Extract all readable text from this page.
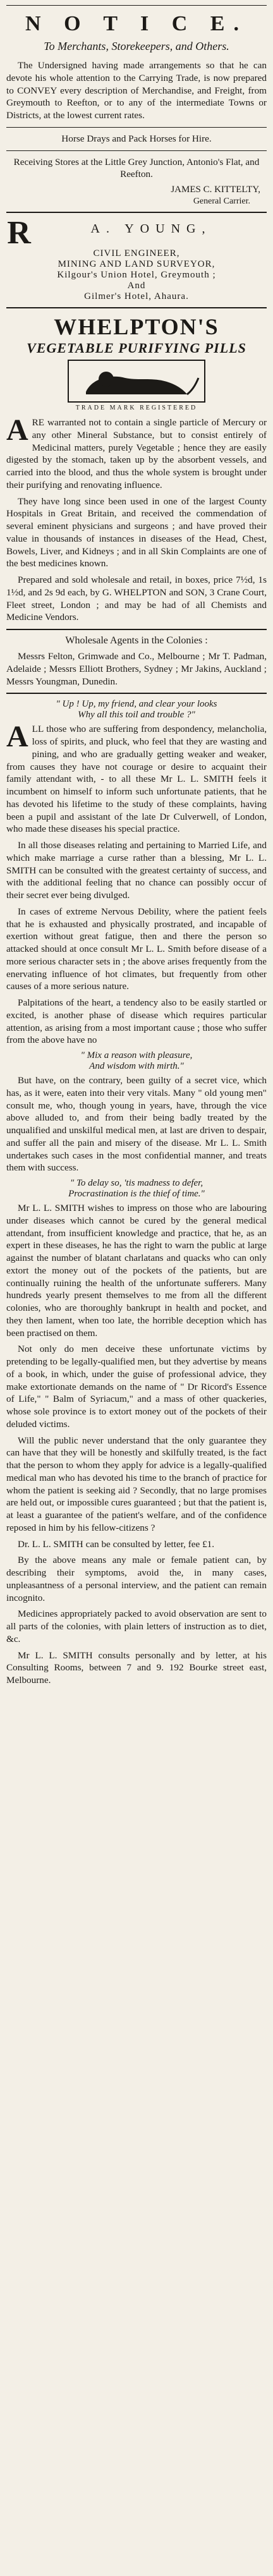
N O T I C E.
To Merchants, Storekeepers, and Others.

The Undersigned having made arrangements so that he can devote his whole attention to the Carrying Trade, is now prepared to CONVEY every description of Merchandise, and Freight, from Greymouth to Reefton, or to any of the intermediate Towns or Districts, at the lowest current rates.

Horse Drays and Pack Horses for Hire.

Receiving Stores at the Little Grey Junction, Antonio's Flat, and Reefton.

JAMES C. KITTELTY,
General Carrier.
R	A. YOUNG,
CIVIL ENGINEER,
MINING AND LAND SURVEYOR,
Kilgour's Union Hotel, Greymouth ;
And
Gilmer's Hotel, Ahaura.
WHELPTON'S
VEGETABLE PURIFYING PILLS
TRADE MARK REGISTERED

A RE warranted not to contain a single particle of Mercury or any other Mineral Substance, but to consist entirely of Medicinal matters, purely Vegetable ; hence they are easily digested by the stomach, taken up by the absorbent vessels, and carried into the blood, and thus the whole system is brought under their purifying and renovating influence.

They have long since been used in one of the largest County Hospitals in Great Britain, and received the commendation of several eminent physicians and surgeons ; and have proved their value in thousands of instances in diseases of the Head, Chest, Bowels, Liver, and Kidneys ; and in all Skin Complaints are one of the best medicines known.

Prepared and sold wholesale and retail, in boxes, price 7½d, 1s 1½d, and 2s 9d each, by G. WHELPTON and SON, 3 Crane Court, Fleet street, London ; and may be had of all Chemists and Medicine Vendors.

Wholesale Agents in the Colonies :

Messrs Felton, Grimwade and Co., Melbourne ; Mr T. Padman, Adelaide ; Messrs Elliott Brothers, Sydney ; Mr Jakins, Auckland ; Messrs Youngman, Dunedin.

" Up ! Up, my friend, and clear your looks
Why all this toil and trouble ?"

A LL those who are suffering from despondency, melancholia, loss of spirits, and pluck, who feel that they are wasting and pining, and who are gradually getting weaker and weaker, from causes they have not courage or desire to acquaint their family attendant with, - to all these Mr L. L. SMITH feels it incumbent on himself to inform such unfortunate patients, that he has devoted his lifetime to the study of these complaints, having been a pupil and assistant of the late Dr Culverwell, of London, who made these diseases his special practice.

In all those diseases relating and pertaining to Married Life, and which make marriage a curse rather than a blessing, Mr L. L. SMITH can be consulted with the greatest certainty of success, and with the additional feeling that no chance can possibly occur of their secret ever being divulged.

In cases of extreme Nervous Debility, where the patient feels that he is exhausted and physically prostrated, and incapable of exertion without great fatigue, then and there the person so attacked should at once consult Mr L. L. Smith before disease of a more serious character sets in ; the above arises frequently from the enervating influence of hot climates, but frequently from other causes of a more serious nature.

Palpitations of the heart, a tendency also to be easily startled or excited, is another phase of disease which requires particular attention, as arising from a most important cause ; those who suffer from the above have no

" Mix a reason with pleasure,
And wisdom with mirth."

But have, on the contrary, been guilty of a secret vice, which has, as it were, eaten into their very vitals. Many " old young men" consult me, who, though young in years, have, through the vice above alluded to, and from their being badly treated by the unqualified and unskilful medical men, at last are driven to despair, and suffer all the pain and misery of the disease. Mr L. L. Smith undertakes such cases in the most confidential manner, and treats them with success.

" To delay so, 'tis madness to defer,
Procrastination is the thief of time."

Mr L. L. SMITH wishes to impress on those who are labouring under diseases which cannot be cured by the general medical attendant, from insufficient knowledge and practice, that he, as an expert in these diseases, he has the right to warn the public at large against the number of blatant charlatans and quacks who can only extort the money out of the pockets of the patients, but are continually ruining the health of the unfortunate sufferers. Many hundreds yearly present themselves to me from all the different colonies, who are thoroughly bankrupt in health and pocket, and they then lament, when too late, the horrible deception which has been practised on them.

Not only do men deceive these unfortunate victims by pretending to be legally-qualified men, but they advertise by means of a book, in which, under the guise of professional advice, they make extortionate demands on the name of " Dr Ricord's Essence of Life," " Balm of Syriacum," and a mass of other quackeries, whose sole province is to extort money out of the pockets of their deluded victims.

Will the public never understand that the only guarantee they can have that they will be honestly and skilfully treated, is the fact that the person to whom they apply for advice is a legally-qualified medical man who has devoted his time to the branch of practice for whom the patient is seeking aid ? Secondly, that no large promises are held out, or impossible cures guaranteed ; but that the patient is, at least a guarantee of the patient's welfare, and of the confidence reposed in him by his fellow-citizens ?

Dr. L. L. SMITH can be consulted by letter, fee £1.

By the above means any male or female patient can, by describing their symptoms, avoid the, in many cases, unpleasantness of a personal interview, and the patient can remain incognito.

Medicines appropriately packed to avoid observation are sent to all parts of the colonies, with plain letters of instruction as to diet, &c.

Mr L. L. SMITH consults personally and by letter, at his Consulting Rooms, between 7 and 9. 192 Bourke street east, Melbourne.
